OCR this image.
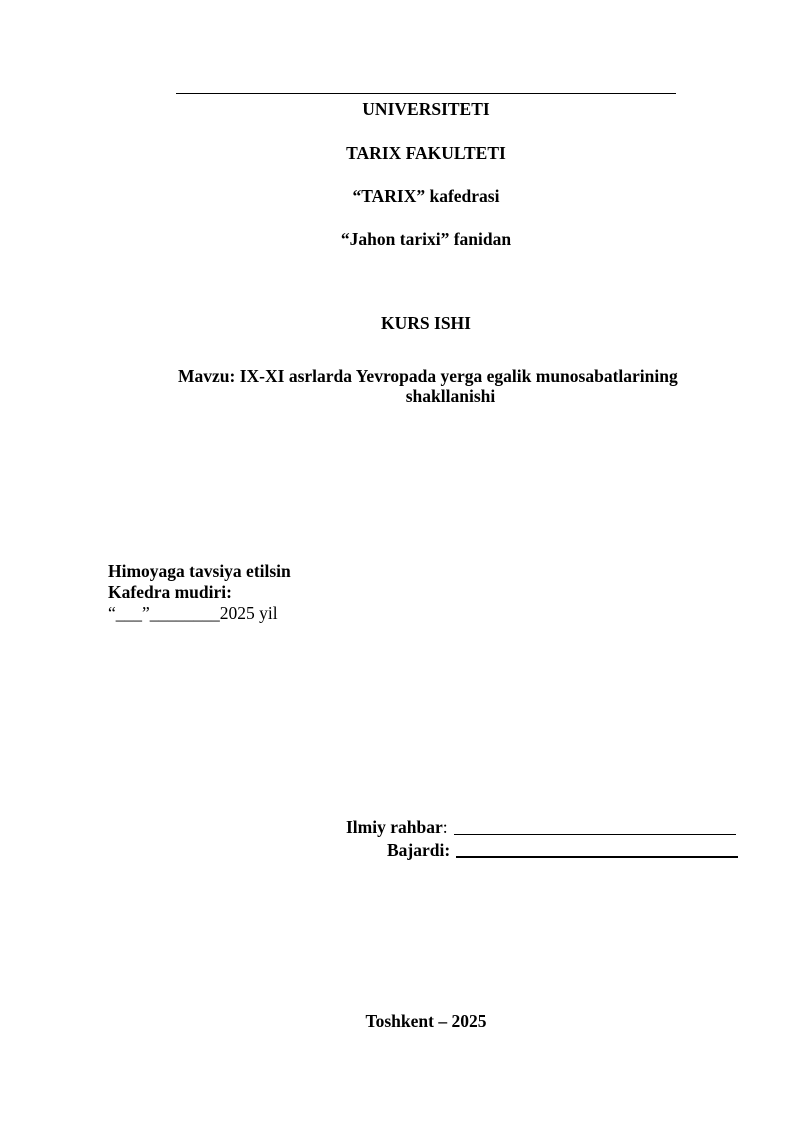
UNIVERSITETI
TARIX FAKULTETI
“TARIX” kafedrasi
“Jahon tarixi” fanidan
KURS ISHI
Mavzu: IX-XI asrlarda Yevropada yerga egalik munosabatlarining
shakllanishi
Himoyaga tavsiya etilsin
Kafedra mudiri:
“___”________2025 yil
Ilmiy rahbar :
Bajardi:
Toshkent – 2025
